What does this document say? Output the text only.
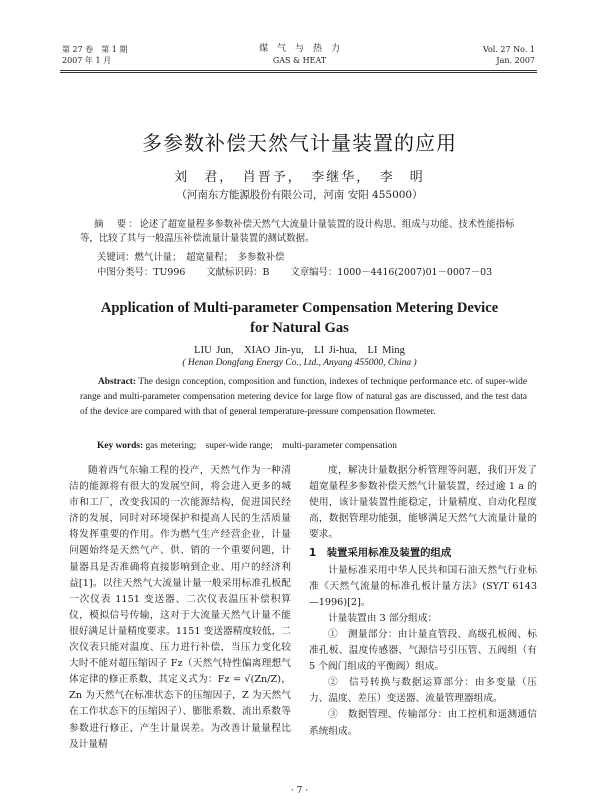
第 27 卷　第 1 期
2007 年 1 月
煤　气　与　热　力
GAS & HEAT
Vol. 27 No. 1
Jan. 2007
多参数补偿天然气计量装置的应用
刘　君，　肖晋予，　李继华，　李　明
（河南东方能源股份有限公司，河南 安阳 455000）
摘　要：论述了超宽量程多参数补偿天然气大流量计量装置的设计构思、组成与功能、技术性能指标等，比较了其与一般温压补偿流量计量装置的测试数据。
关键词：燃气计量；　超宽量程；　多参数补偿
中图分类号：TU996 文献标识码：B 文章编号：1000－4416(2007)01－0007－03
Application of Multi-parameter Compensation Metering Device
for Natural Gas
LIU Jun,　XIAO Jin-yu,　LI Ji-hua,　LI Ming
( Henan Dongfang Energy Co., Ltd., Anyang 455000, China )
Abstract: The design conception, composition and function, indexes of technique performance etc. of super-wide range and multi-parameter compensation metering device for large flow of natural gas are discussed, and the test data of the device are compared with that of general temperature-pressure compensation flowmeter.
Key words: gas metering;　super-wide range;　multi-parameter compensation

随着西气东输工程的投产，天然气作为一种清洁的能源将有很大的发展空间，将会进入更多的城市和工厂，改变我国的一次能源结构，促进国民经济的发展，同时对环境保护和提高人民的生活质量将发挥重要的作用。作为燃气生产经营企业，计量问题始终是天然气产、供、销的一个重要问题，计量器具是否准确将直接影响到企业、用户的经济利益[1]。以往天然气大流量计量一般采用标准孔板配一次仪表 1151 变送器、二次仪表温压补偿积算仪，模拟信号传输，这对于大流量天然气计量不能很好满足计量精度要求。1151 变送器精度较低，二次仪表只能对温度、压力进行补偿，当压力变化较大时不能对超压缩因子 Fz（天然气特性偏离理想气体定律的修正系数，其定义式为：Fz = √(Zn/Z)，Zn 为天然气在标准状态下的压缩因子，Z 为天然气在工作状态下的压缩因子）、膨胀系数、流出系数等参数进行修正，产生计量误差。为改善计量量程比及计量精

度，解决计量数据分析管理等问题，我们开发了超宽量程多参数补偿天然气计量装置，经过逾 1 a 的使用，该计量装置性能稳定，计量精度、自动化程度高，数据管理功能强，能够满足天然气大流量计量的要求。

1　装置采用标准及装置的组成

计量标准采用中华人民共和国石油天然气行业标准《天然气流量的标准孔板计量方法》(SY/T 6143—1996)[2]。

计量装置由 3 部分组成：

①　测量部分：由计量直管段、高级孔板阀、标准孔板、温度传感器、气源信号引压管、五阀组（有 5 个阀门组成的平衡阀）组成。

②　信号转换与数据运算部分：由多变量（压力、温度、差压）变送器、流量管理器组成。

③　数据管理、传输部分：由工控机和遥测通信系统组成。

· 7 ·
